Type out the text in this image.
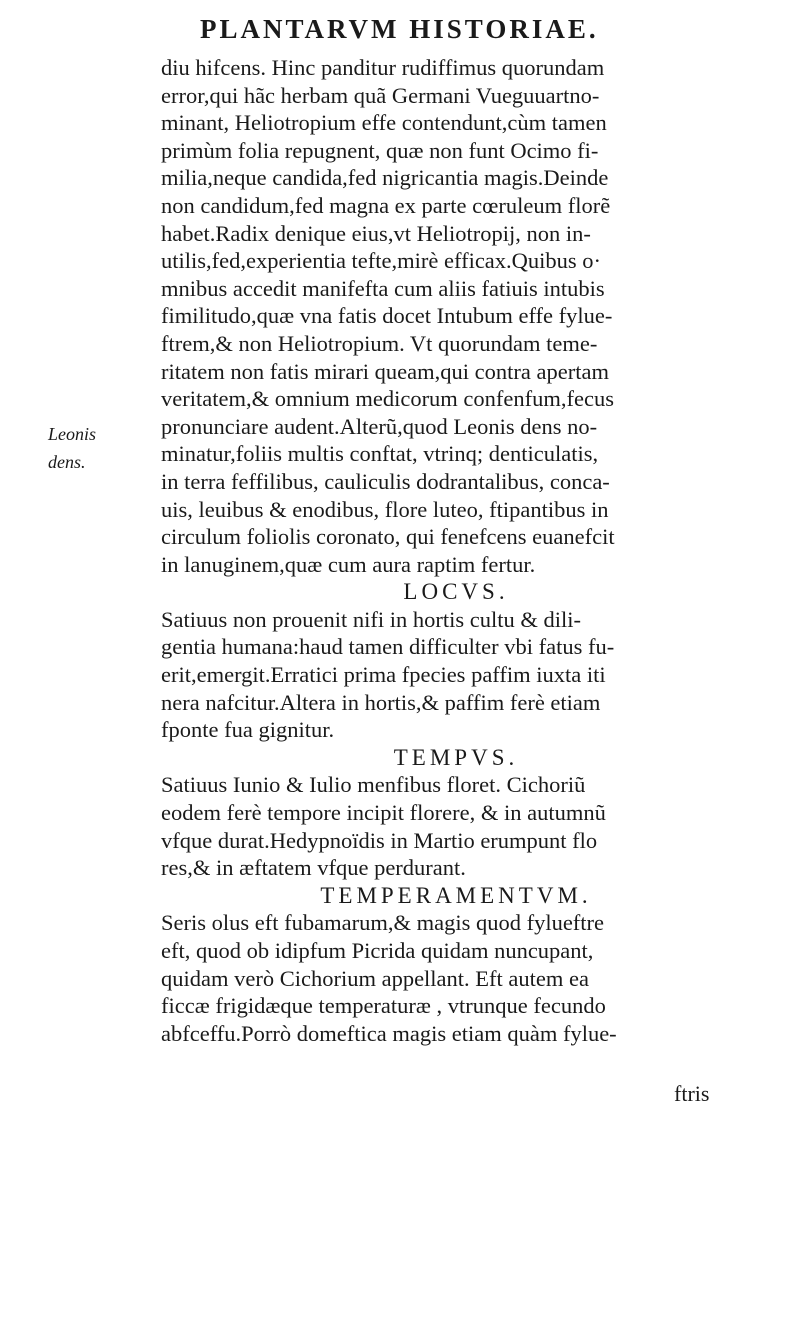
PLANTARVM HISTORIAE.
Leonis
dens.
diu hifcens. Hinc panditur rudiffimus quorundam
error,qui hãc herbam quã Germani Vueguuartno-
minant, Heliotropium effe contendunt,cùm tamen
primùm folia repugnent, quæ non funt Ocimo fi-
milia,neque candida,fed nigricantia magis.Deinde
non candidum,fed magna ex parte cœruleum florẽ
habet.Radix denique eius,vt Heliotropij, non in-
utilis,fed,experientia tefte,mirè efficax.Quibus o·
mnibus accedit manifefta cum aliis fatiuis intubis
fimilitudo,quæ vna fatis docet Intubum effe fylue-
ftrem,& non Heliotropium. Vt quorundam teme-
ritatem non fatis mirari queam,qui contra apertam
veritatem,& omnium medicorum confenfum,fecus
pronunciare audent.Alterũ,quod Leonis dens no-
minatur,foliis multis conftat, vtrinq; denticulatis,
in terra feffilibus, cauliculis dodrantalibus, conca-
uis, leuibus & enodibus, flore luteo, ftipantibus in
circulum foliolis coronato, qui fenefcens euanefcit
in lanuginem,quæ cum aura raptim fertur.
LOCVS.
Satiuus non prouenit nifi in hortis cultu & dili-
gentia humana:haud tamen difficulter vbi fatus fu-
erit,emergit.Erratici prima fpecies paffim iuxta iti
nera nafcitur.Altera in hortis,& paffim ferè etiam
fponte fua gignitur.
TEMPVS.
Satiuus Iunio & Iulio menfibus floret. Cichoriũ
eodem ferè tempore incipit florere, & in autumnũ
vfque durat.Hedypnoïdis in Martio erumpunt flo
res,& in æftatem vfque perdurant.
TEMPERAMENTVM.
Seris olus eft fubamarum,& magis quod fylueftre
eft, quod ob idipfum Picrida quidam nuncupant,
quidam verò Cichorium appellant. Eft autem ea
ficcæ frigidæque temperaturæ , vtrunque fecundo
abfceffu.Porrò domeftica magis etiam quàm fylue-
ftris
